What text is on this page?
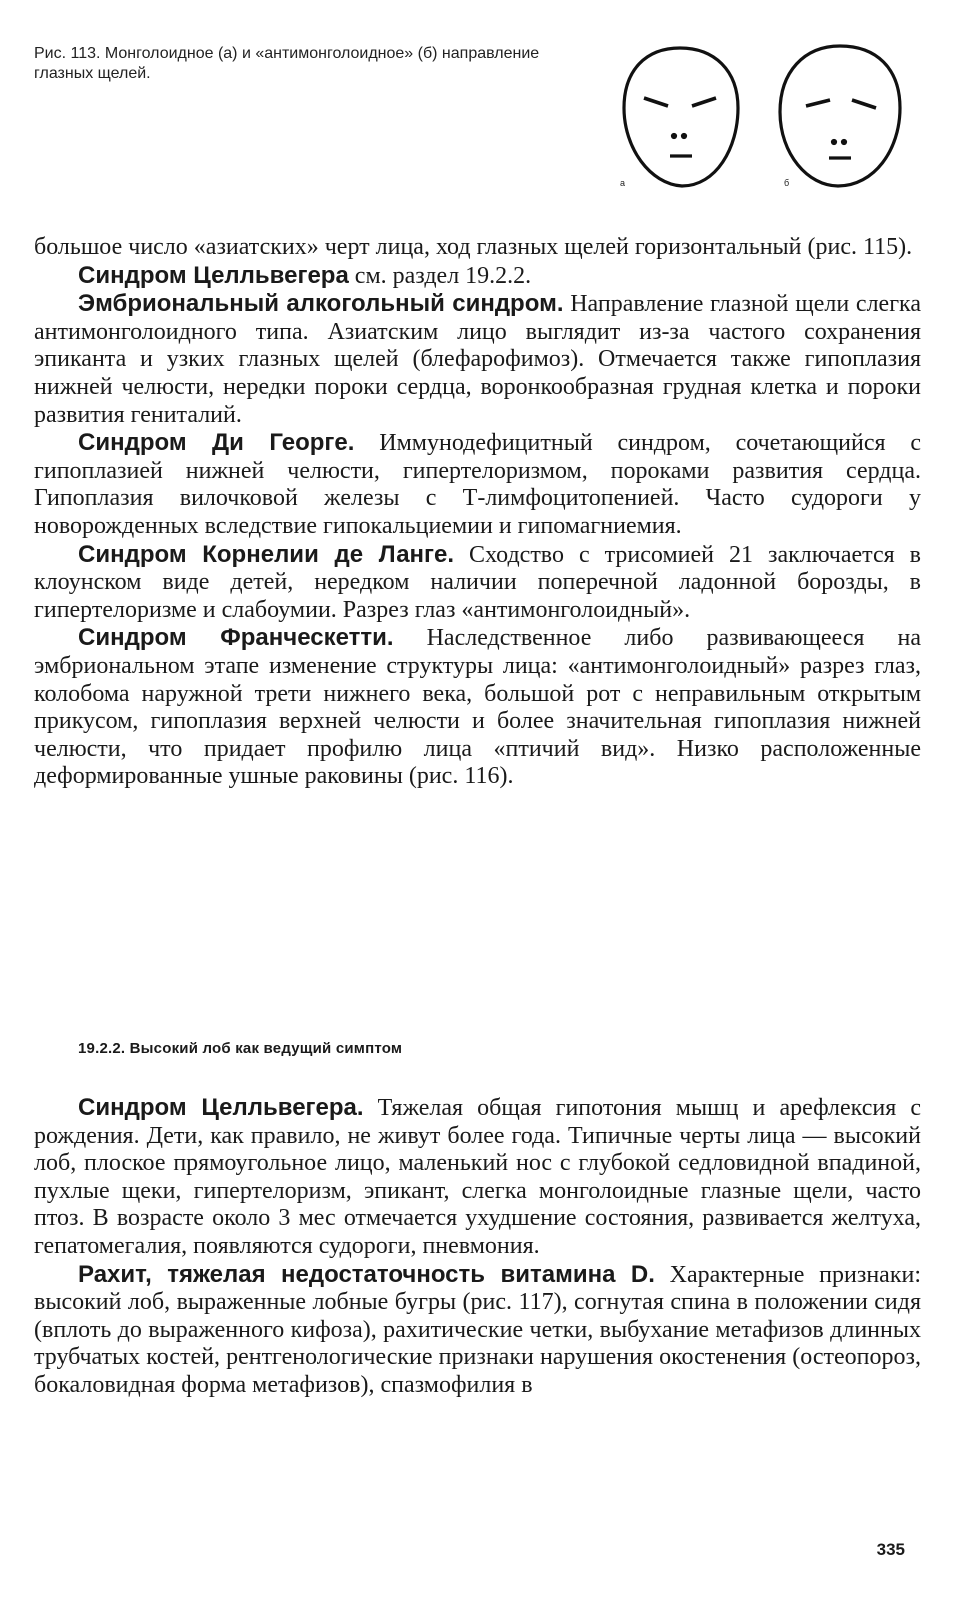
Рис. 113. Монголоидное (а) и «антимонголоидное» (б) направление глазных щелей.
а	б

большое число «азиатских» черт лица, ход глазных щелей горизонтальный (рис. 115).

Синдром Целльвегера см. раздел 19.2.2.

Эмбриональный алкогольный синдром. Направление глазной щели слегка антимонголоидного типа. Азиатским лицо выглядит из-за частого сохранения эпиканта и узких глазных щелей (блефарофимоз). Отмечается также гипоплазия нижней челюсти, нередки пороки сердца, воронкообразная грудная клетка и пороки развития гениталий.

Синдром Ди Георге. Иммунодефицитный синдром, сочетающийся с гипоплазией нижней челюсти, гипертелоризмом, пороками развития сердца. Гипоплазия вилочковой железы с Т-лимфоцитопенией. Часто судороги у новорожденных вследствие гипокальциемии и гипомагниемия.

Синдром Корнелии де Ланге. Сходство с трисомией 21 заключается в клоунском виде детей, нередком наличии поперечной ладонной борозды, в гипертелоризме и слабоумии. Разрез глаз «антимонголоидный».

Синдром Франческетти. Наследственное либо развивающееся на эмбриональном этапе изменение структуры лица: «антимонголоидный» разрез глаз, колобома наружной трети нижнего века, большой рот с неправильным открытым прикусом, гипоплазия верхней челюсти и более значительная гипоплазия нижней челюсти, что придает профилю лица «птичий вид». Низко расположенные деформированные ушные раковины (рис. 116).

19.2.2. Высокий лоб как ведущий симптом

Синдром Целльвегера. Тяжелая общая гипотония мышц и арефлексия с рождения. Дети, как правило, не живут более года. Типичные черты лица — высокий лоб, плоское прямоугольное лицо, маленький нос с глубокой седловидной впадиной, пухлые щеки, гипертелоризм, эпикант, слегка монголоидные глазные щели, часто птоз. В возрасте около 3 мес отмечается ухудшение состояния, развивается желтуха, гепатомегалия, появляются судороги, пневмония.

Рахит, тяжелая недостаточность витамина D. Характерные признаки: высокий лоб, выраженные лобные бугры (рис. 117), согнутая спина в положении сидя (вплоть до выраженного кифоза), рахитические четки, выбухание метафизов длинных трубчатых костей, рентгенологические признаки нарушения окостенения (остеопороз, бокаловидная форма метафизов), спазмофилия в

335
